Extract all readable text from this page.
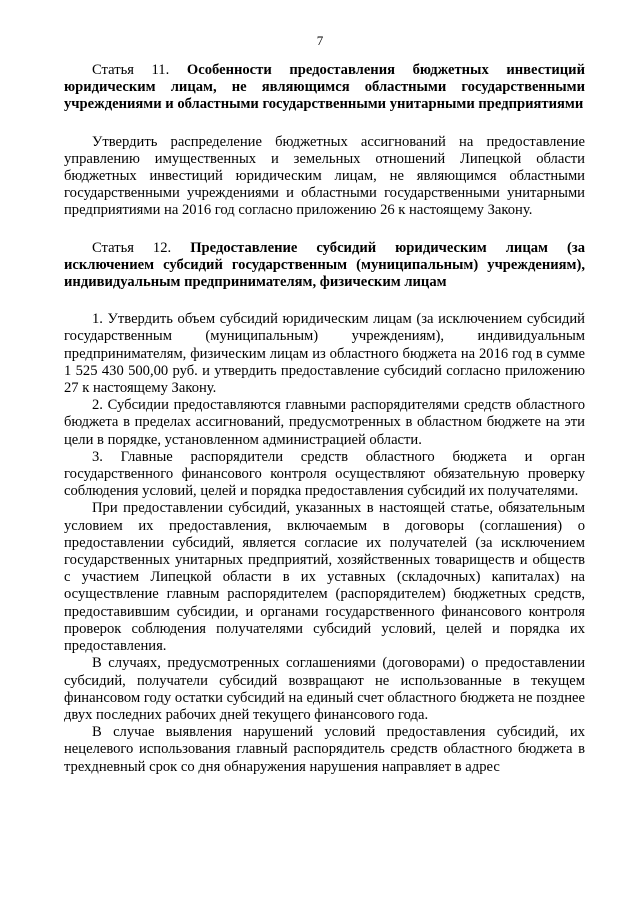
7
Статья 11. Особенности предоставления бюджетных инвестиций юридическим лицам, не являющимся областными государственными учреждениями и областными государственными унитарными предприятиями

Утвердить распределение бюджетных ассигнований на предоставление управлению имущественных и земельных отношений Липецкой области бюджетных инвестиций юридическим лицам, не являющимся областными государственными учреждениями и областными государственными унитарными предприятиями на 2016 год согласно приложению 26 к настоящему Закону.

Статья 12. Предоставление субсидий юридическим лицам (за исключением субсидий государственным (муниципальным) учреждениям), индивидуальным предпринимателям, физическим лицам

1. Утвердить объем субсидий юридическим лицам (за исключением субсидий государственным (муниципальным) учреждениям), индивидуальным предпринимателям, физическим лицам из областного бюджета на 2016 год в сумме 1 525 430 500,00 руб. и утвердить предоставление субсидий согласно приложению 27 к настоящему Закону.

2. Субсидии предоставляются главными распорядителями средств областного бюджета в пределах ассигнований, предусмотренных в областном бюджете на эти цели в порядке, установленном администрацией области.

3. Главные распорядители средств областного бюджета и орган государственного финансового контроля осуществляют обязательную проверку соблюдения условий, целей и порядка предоставления субсидий их получателями.

При предоставлении субсидий, указанных в настоящей статье, обязательным условием их предоставления, включаемым в договоры (соглашения) о предоставлении субсидий, является согласие их получателей (за исключением государственных унитарных предприятий, хозяйственных товариществ и обществ с участием Липецкой области в их уставных (складочных) капиталах) на осуществление главным распорядителем (распорядителем) бюджетных средств, предоставившим субсидии, и органами государственного финансового контроля проверок соблюдения получателями субсидий условий, целей и порядка их предоставления.

В случаях, предусмотренных соглашениями (договорами) о предоставлении субсидий, получатели субсидий возвращают не использованные в текущем финансовом году остатки субсидий на единый счет областного бюджета не позднее двух последних рабочих дней текущего финансового года.

В случае выявления нарушений условий предоставления субсидий, их нецелевого использования главный распорядитель средств областного бюджета в трехдневный срок со дня обнаружения нарушения направляет в адрес
